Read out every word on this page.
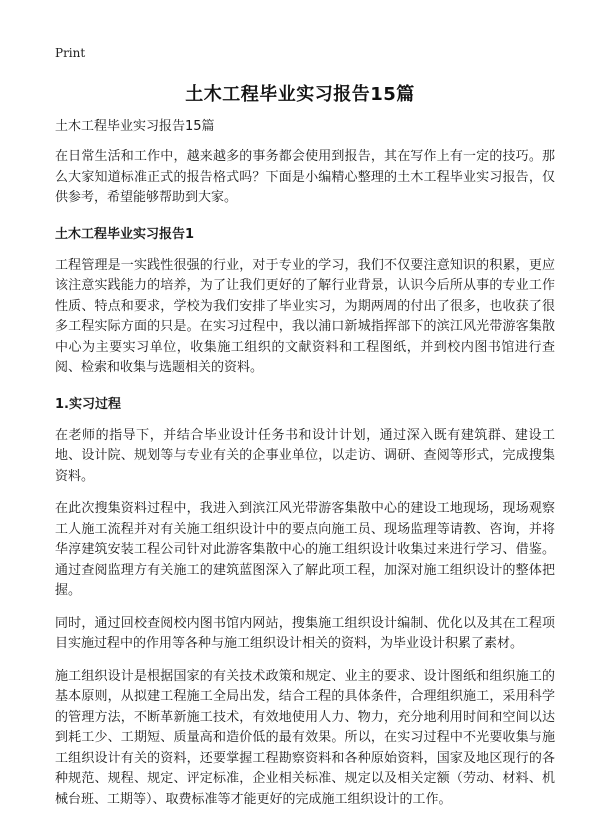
Print
土木工程毕业实习报告15篇
土木工程毕业实习报告15篇

在日常生活和工作中，越来越多的事务都会使用到报告，其在写作上有一定的技巧。那么大家知道标准正式的报告格式吗？下面是小编精心整理的土木工程毕业实习报告，仅供参考，希望能够帮助到大家。

土木工程毕业实习报告1

工程管理是一实践性很强的行业，对于专业的学习，我们不仅要注意知识的积累，更应该注意实践能力的培养，为了让我们更好的了解行业背景，认识今后所从事的专业工作性质、特点和要求，学校为我们安排了毕业实习，为期两周的付出了很多，也收获了很多工程实际方面的只是。在实习过程中，我以浦口新城指挥部下的滨江风光带游客集散中心为主要实习单位，收集施工组织的文献资料和工程图纸，并到校内图书馆进行查阅、检索和收集与选题相关的资料。

1.实习过程

在老师的指导下，并结合毕业设计任务书和设计计划，通过深入既有建筑群、建设工地、设计院、规划等与专业有关的企事业单位，以走访、调研、查阅等形式，完成搜集资料。

在此次搜集资料过程中，我进入到滨江风光带游客集散中心的建设工地现场，现场观察工人施工流程并对有关施工组织设计中的要点向施工员、现场监理等请教、咨询，并将华淳建筑安装工程公司针对此游客集散中心的施工组织设计收集过来进行学习、借鉴。通过查阅监理方有关施工的建筑蓝图深入了解此项工程，加深对施工组织设计的整体把握。

同时，通过回校查阅校内图书馆内网站，搜集施工组织设计编制、优化以及其在工程项目实施过程中的作用等各种与施工组织设计相关的资料，为毕业设计积累了素材。

施工组织设计是根据国家的有关技术政策和规定、业主的要求、设计图纸和组织施工的基本原则，从拟建工程施工全局出发，结合工程的具体条件，合理组织施工，采用科学的管理方法，不断革新施工技术，有效地使用人力、物力，充分地利用时间和空间以达到耗工少、工期短、质量高和造价低的最有效果。所以，在实习过程中不光要收集与施工组织设计有关的资料，还要掌握工程勘察资料和各种原始资料，国家及地区现行的各种规范、规程、规定、评定标准，企业相关标准、规定以及相关定额（劳动、材料、机械台班、工期等）、取费标准等才能更好的完成施工组织设计的工作。
